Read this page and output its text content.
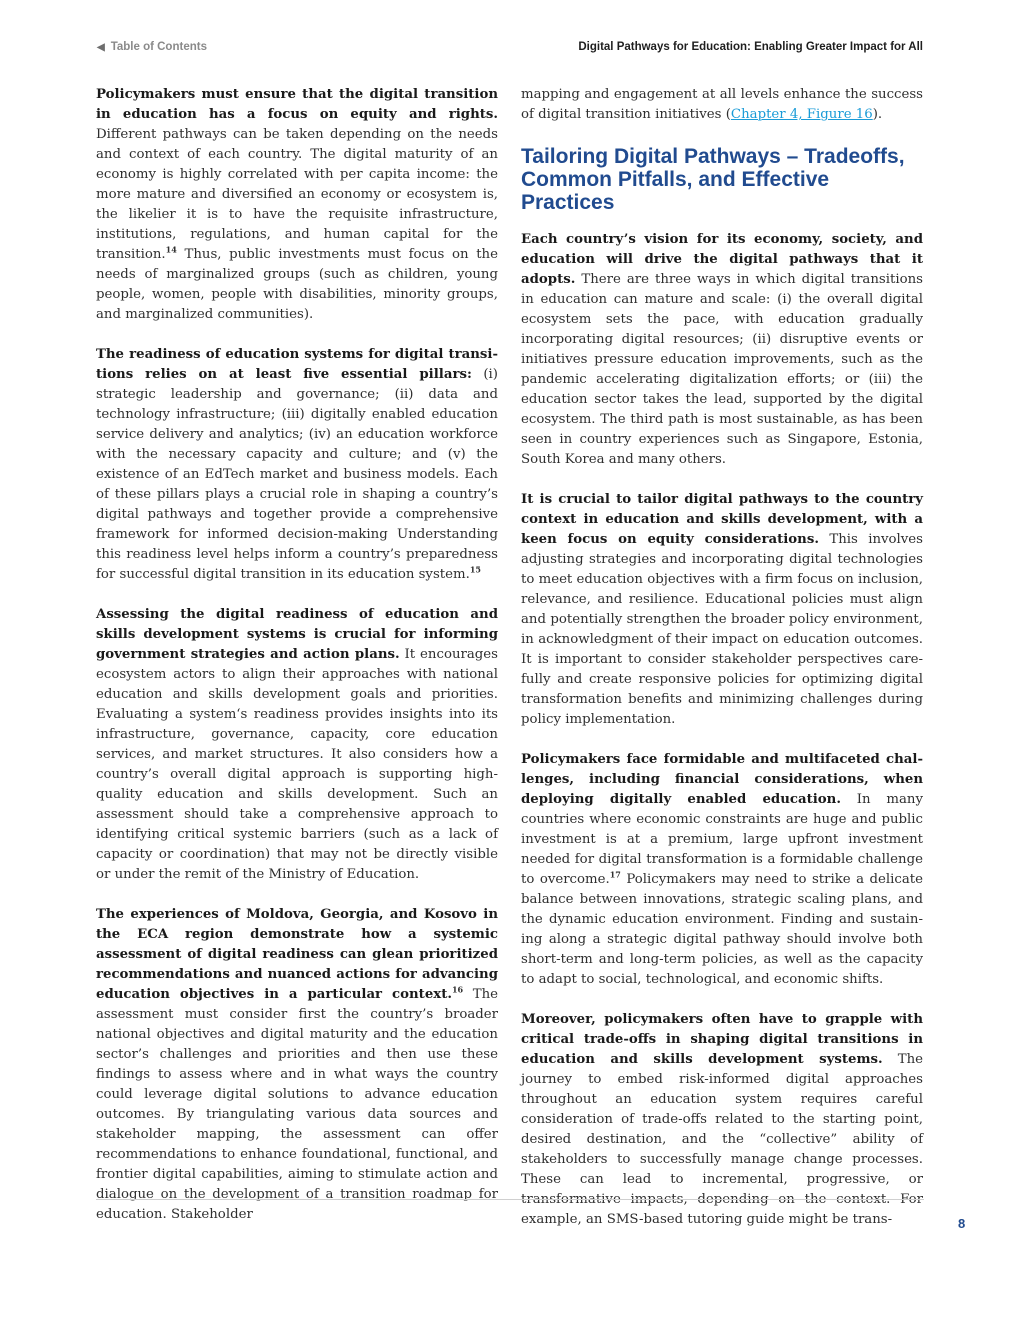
◀ Table of Contents	Digital Pathways for Education: Enabling Greater Impact for All

Policymakers must ensure that the digital transition in education has a focus on equity and rights. Different pathways can be taken depending on the needs and context of each country. The digital maturity of an economy is highly correlated with per capita income: the more mature and diversified an economy or ecosystem is, the likelier it is to have the requisite infrastructure, institutions, regulations, and human capital for the transition.$^{14}$ Thus, public investments must focus on the needs of marginalized groups (such as children, young people, women, people with disabilities, minority groups, and marginalized communities).

The readiness of education systems for digital transitions relies on at least five essential pillars: (i) strategic leadership and governance; (ii) data and technology infrastructure; (iii) digitally enabled education service delivery and analytics; (iv) an education workforce with the necessary capacity and culture; and (v) the existence of an EdTech market and business models. Each of these pillars plays a crucial role in shaping a country’s digital pathways and together provide a comprehensive framework for informed decision-making Understanding this readiness level helps inform a country’s preparedness for successful digital transition in its education system.$^{15}$

Assessing the digital readiness of education and skills development systems is crucial for informing government strategies and action plans. It encourages ecosystem actors to align their approaches with national education and skills development goals and priorities. Evaluating a system‘s readiness provides insights into its infrastructure, governance, capacity, core education services, and market structures. It also considers how a country’s overall digital approach is supporting high-quality education and skills development. Such an assessment should take a comprehensive approach to identifying critical systemic barriers (such as a lack of capacity or coordination) that may not be directly visible or under the remit of the Ministry of Education.

The experiences of Moldova, Georgia, and Kosovo in the ECA region demonstrate how a systemic assessment of digital readiness can glean prioritized recommendations and nuanced actions for advancing education objectives in a particular context.$^{16}$ The assessment must consider first the country’s broader national objectives and digital maturity and the education sector’s challenges and priorities and then use these findings to assess where and in what ways the country could leverage digital solutions to advance education outcomes. By triangulating various data sources and stakeholder mapping, the assessment can offer recommendations to enhance foundational, functional, and frontier digital capabilities, aiming to stimulate action and dialogue on the development of a transition roadmap for education. Stakeholder

mapping and engagement at all levels enhance the success of digital transition initiatives (Chapter 4, Figure 16).

Tailoring Digital Pathways – Tradeoffs, Common Pitfalls, and Effective Practices

Each country’s vision for its economy, society, and education will drive the digital pathways that it adopts. There are three ways in which digital transitions in education can mature and scale: (i) the overall digital ecosystem sets the pace, with education gradually incorporating digital resources; (ii) disruptive events or initiatives pressure education improvements, such as the pandemic accelerating digitalization efforts; or (iii) the education sector takes the lead, supported by the digital ecosystem. The third path is most sustainable, as has been seen in country experiences such as Singapore, Estonia, South Korea and many others.

It is crucial to tailor digital pathways to the country context in education and skills development, with a keen focus on equity considerations. This involves adjusting strategies and incorporating digital technologies to meet education objectives with a firm focus on inclusion, relevance, and resilience. Educational policies must align and potentially strengthen the broader policy environment, in acknowledgment of their impact on education outcomes. It is important to consider stakeholder perspectives carefully and create responsive policies for optimizing digital transformation benefits and minimizing challenges during policy implementation.

Policymakers face formidable and multifaceted challenges, including financial considerations, when deploying digitally enabled education. In many countries where economic constraints are huge and public investment is at a premium, large upfront investment needed for digital transformation is a formidable challenge to overcome.$^{17}$ Policymakers may need to strike a delicate balance between innovations, strategic scaling plans, and the dynamic education environment. Finding and sustaining along a strategic digital pathway should involve both short-term and long-term policies, as well as the capacity to adapt to social, technological, and economic shifts.

Moreover, policymakers often have to grapple with critical trade-offs in shaping digital transitions in education and skills development systems. The journey to embed risk-informed digital approaches throughout an education system requires careful consideration of trade-offs related to the starting point, desired destination, and the “collective” ability of stakeholders to successfully manage change processes. These can lead to incremental, progressive, or transformative impacts, depending on the context. For example, an SMS-based tutoring guide might be trans-	8
